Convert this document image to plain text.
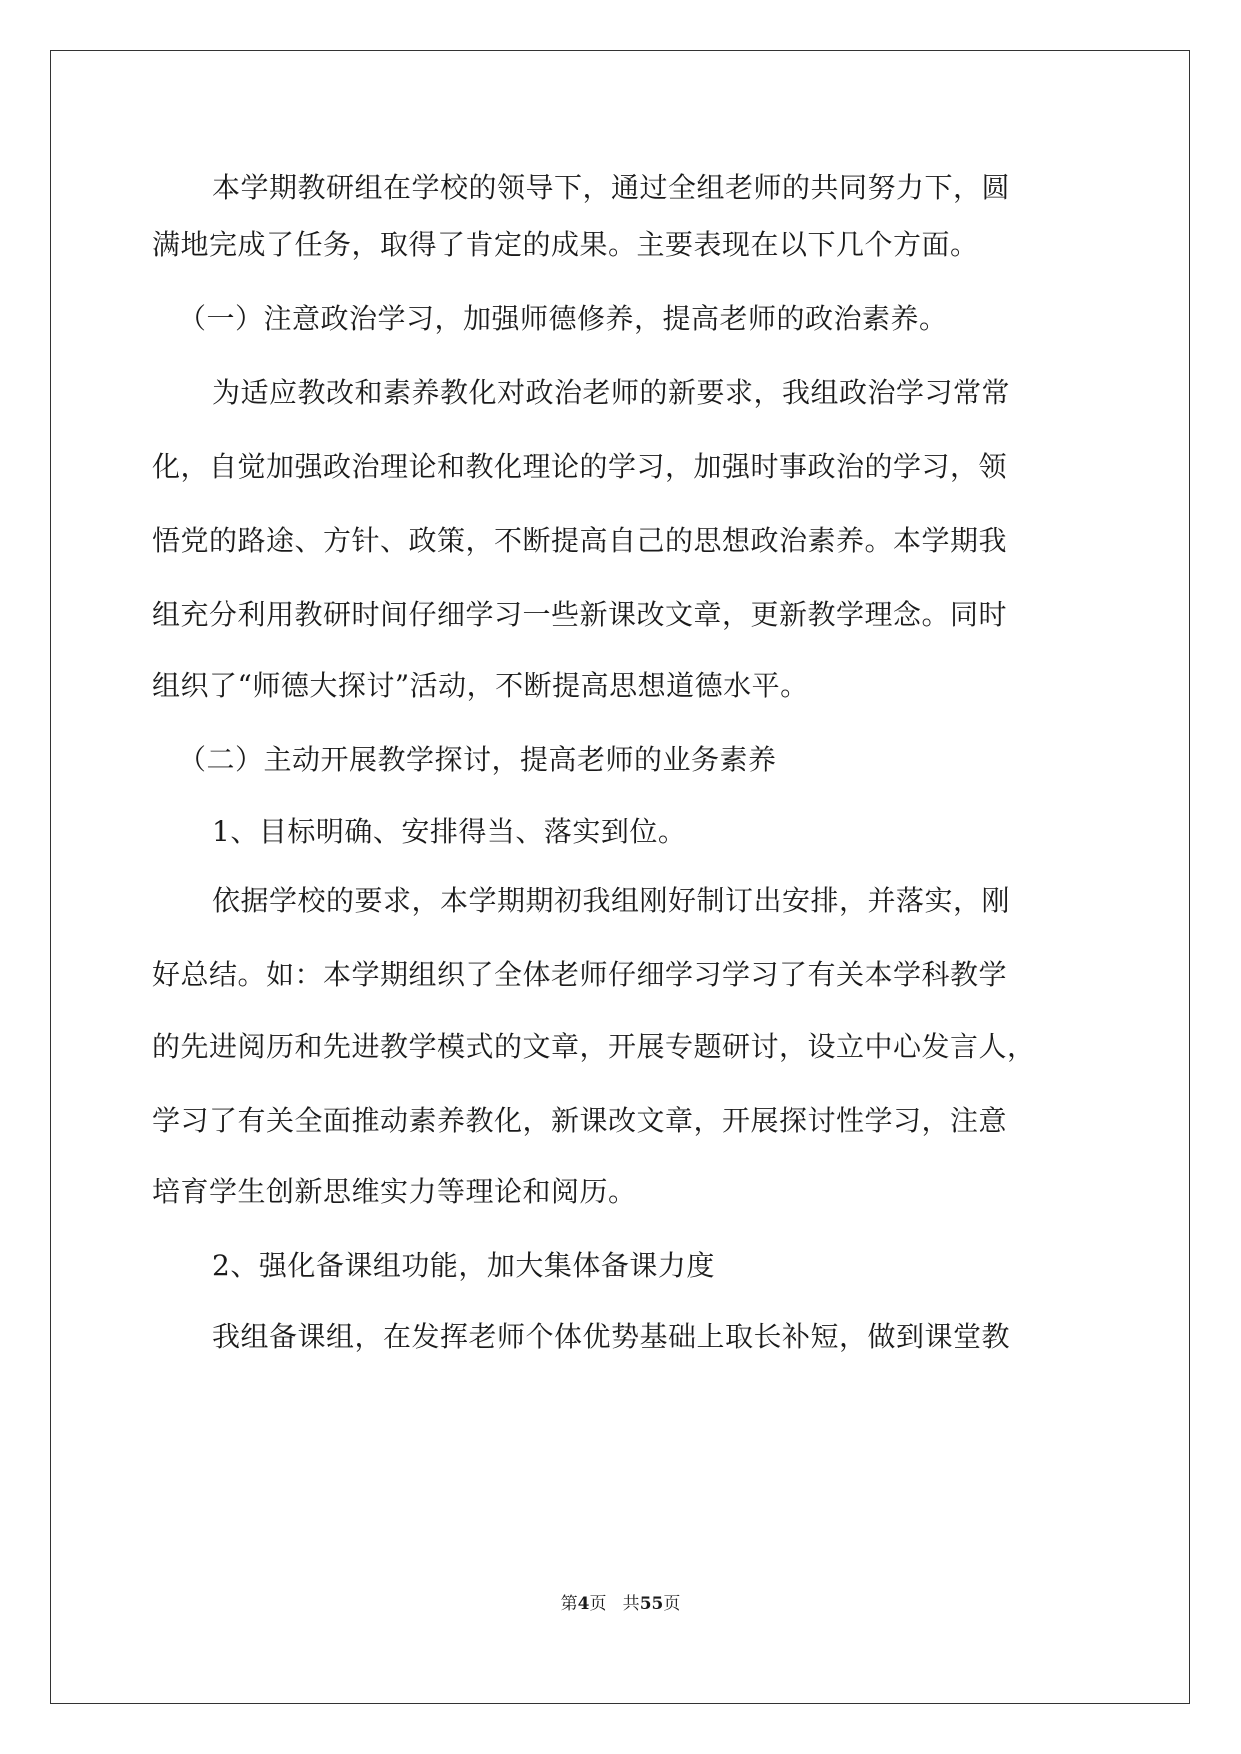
本学期教研组在学校的领导下，通过全组老师的共同努力下，圆
满地完成了任务，取得了肯定的成果。主要表现在以下几个方面。
（一）注意政治学习，加强师德修养，提高老师的政治素养。
为适应教改和素养教化对政治老师的新要求，我组政治学习常常
化，自觉加强政治理论和教化理论的学习，加强时事政治的学习，领
悟党的路途、方针、政策，不断提高自己的思想政治素养。本学期我
组充分利用教研时间仔细学习一些新课改文章，更新教学理念。同时
组织了“师德大探讨”活动，不断提高思想道德水平。
（二）主动开展教学探讨，提高老师的业务素养
1、目标明确、安排得当、落实到位。
依据学校的要求，本学期期初我组刚好制订出安排，并落实，刚
好总结。如：本学期组织了全体老师仔细学习学习了有关本学科教学
的先进阅历和先进教学模式的文章，开展专题研讨，设立中心发言人，
学习了有关全面推动素养教化，新课改文章，开展探讨性学习，注意
培育学生创新思维实力等理论和阅历。
2、强化备课组功能，加大集体备课力度
我组备课组，在发挥老师个体优势基础上取长补短，做到课堂教
第4页   共55页
